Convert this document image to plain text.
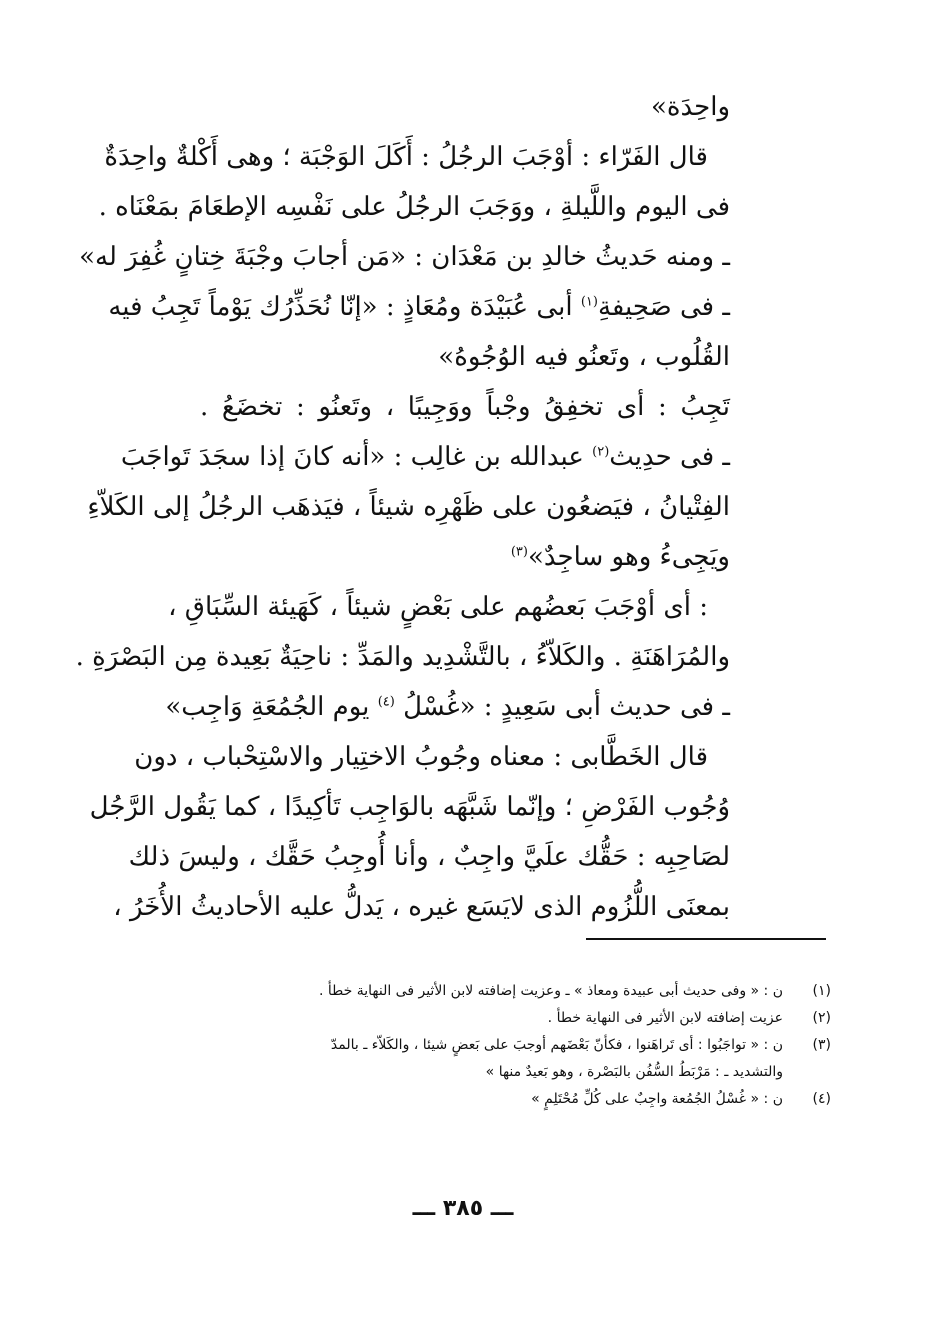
واحِدَة»
قال الفَرّاء : أوْجَبَ الرجُلُ : أَكَلَ الوَجْبَة ؛ وهى أَكْلةٌ واحِدَةٌ
فى اليوم واللَّيلةِ ، ووَجَبَ الرجُلُ على نَفْسِه الإطعَامَ بمَعْنَاه .
ـ ومنه حَديثُ خالدِ بن مَعْدَان : «مَن أجابَ وجْبَةَ خِتانٍ غُفِرَ له»
ـ فى صَحِيفةِ$^{(١)}$ أبى عُبَيْدَة ومُعَاذٍ : «إنّا نُحَذِّرُك يَوْماً تَجِبُ فيه
القُلُوب ، وتَعنُو فيه الوُجُوهُ»
تَجِبُ : أى تخفِقُ وجْباً ووَجِيبًا ، وتَعنُو : تخضَعُ .
ـ فى حدِيث$^{(٢)}$ عبدالله بن غالِب : «أنه كانَ إذا سجَدَ تَواجَبَ
الفِتْيانُ ، فيَضعُون على ظَهْرِه شيئاً ، فيَذهَب الرجُلُ إلى الكَلاّءِ
ويَجِىءُ وهو ساجِدٌ»$^{(٣)}$
: أى أوْجَبَ بَعضُهم على بَعْضٍ شيئاً ، كَهَيئة السِّبَاقِ ،
والمُرَاهَنَةِ . والكَلاّءُ ، بالتَّشْدِيد والمَدِّ : ناحِيَةٌ بَعِيدة مِن البَصْرَةِ .
ـ فى حديث أبى سَعِيدٍ : «غُسْلُ $^{(٤)}$ يوم الجُمُعَةِ وَاجِب»
قال الخَطَّابى : معناه وجُوبُ الاختِيار والاسْتِحْباب ، دون
وُجُوب الفَرْضِ ؛ وإنّما شَبَّهَه بالوَاجِب تَأكِيدًا ، كما يَقُول الرَّجُل
لصَاحِبِه : حَقُّك علَيَّ واجِبٌ ، وأنا أُوجِبُ حَقَّك ، وليسَ ذلك
بمعنَى اللُّزُوم الذى لايَسَع غيره ، يَدلُّ عليه الأحاديثُ الأُخَرُ ،
(١)
ن : « وفى حديث أبى عبيدة ومعاذ » ـ وعزيت إضافته لابن الأثير فى النهاية خطأ .
(٢)
عزيت إضافته لابن الأثير فى النهاية خطأ .
(٣)
ن : « تواجَبُوا : أى تَراهَنوا ، فكأنّ بَعْضَهم أوجبَ على بَعضٍ شيئا ، والكَلاّء ـ بالمدّ
والتشديد ـ : مَرْبَطُ السُّفُن بالبَصْرة ، وهو بَعيدٌ منها »
(٤)
ن : « غُسْلُ الجُمُعة واجِبٌ على كُلِّ مُحْتَلِمٍ »
ـــ ٣٨٥ ـــ
